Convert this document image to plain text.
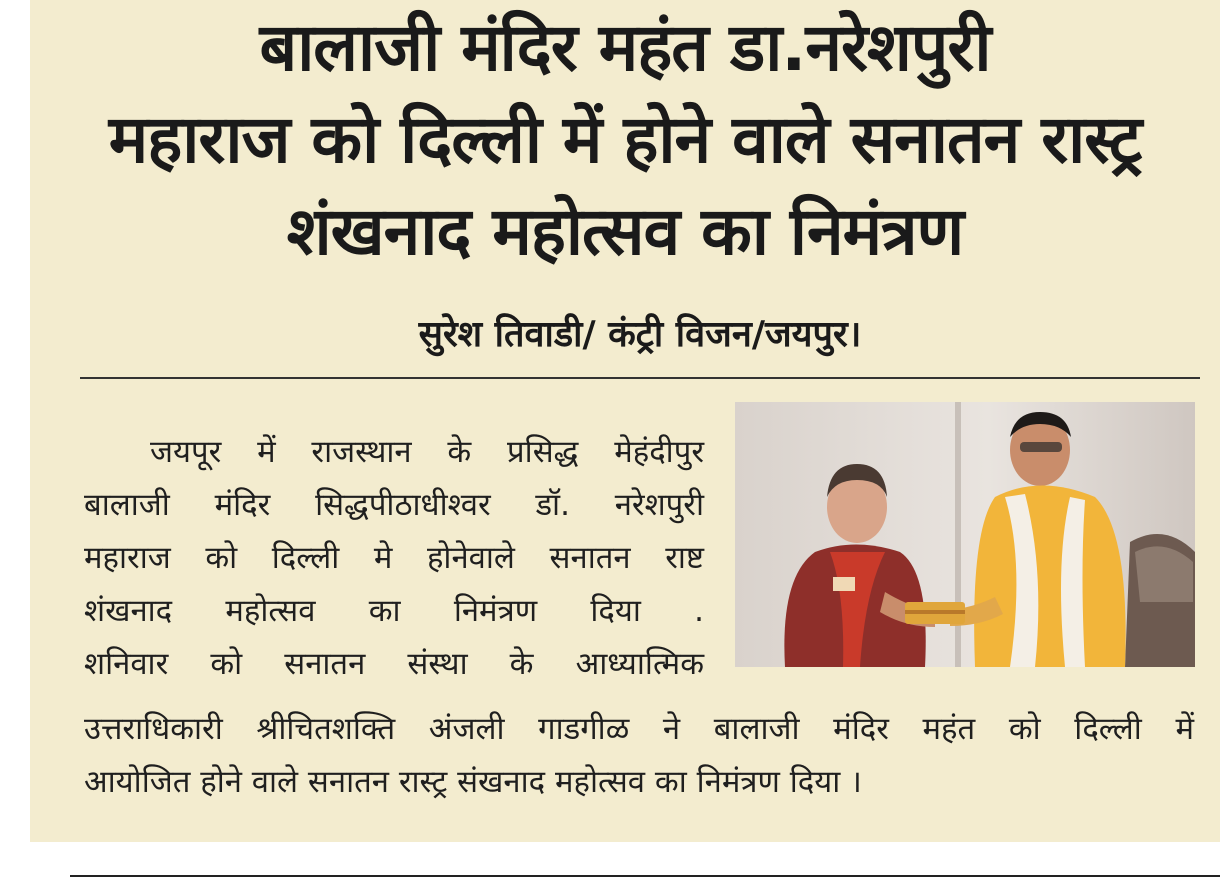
बालाजी मंदिर महंत डा.नरेशपुरी
महाराज को दिल्ली में होने वाले सनातन रास्ट्र
शंखनाद महोत्सव का निमंत्रण
सुरेश तिवाडी/ कंट्री विजन/जयपुर।
जयपूर में राजस्थान के प्रसिद्ध मेहंदीपुर
बालाजी मंदिर सिद्धपीठाधीश्वर डॉ. नरेशपुरी
महाराज को दिल्ली मे होनेवाले सनातन राष्ट
शंखनाद महोत्सव का निमंत्रण दिया .
शनिवार को सनातन संस्था के आध्यात्मिक
उत्तराधिकारी श्रीचितशक्ति अंजली गाडगीळ ने बालाजी मंदिर महंत को दिल्ली में
आयोजित होने वाले सनातन रास्ट्र संखनाद महोत्सव का निमंत्रण दिया ।
